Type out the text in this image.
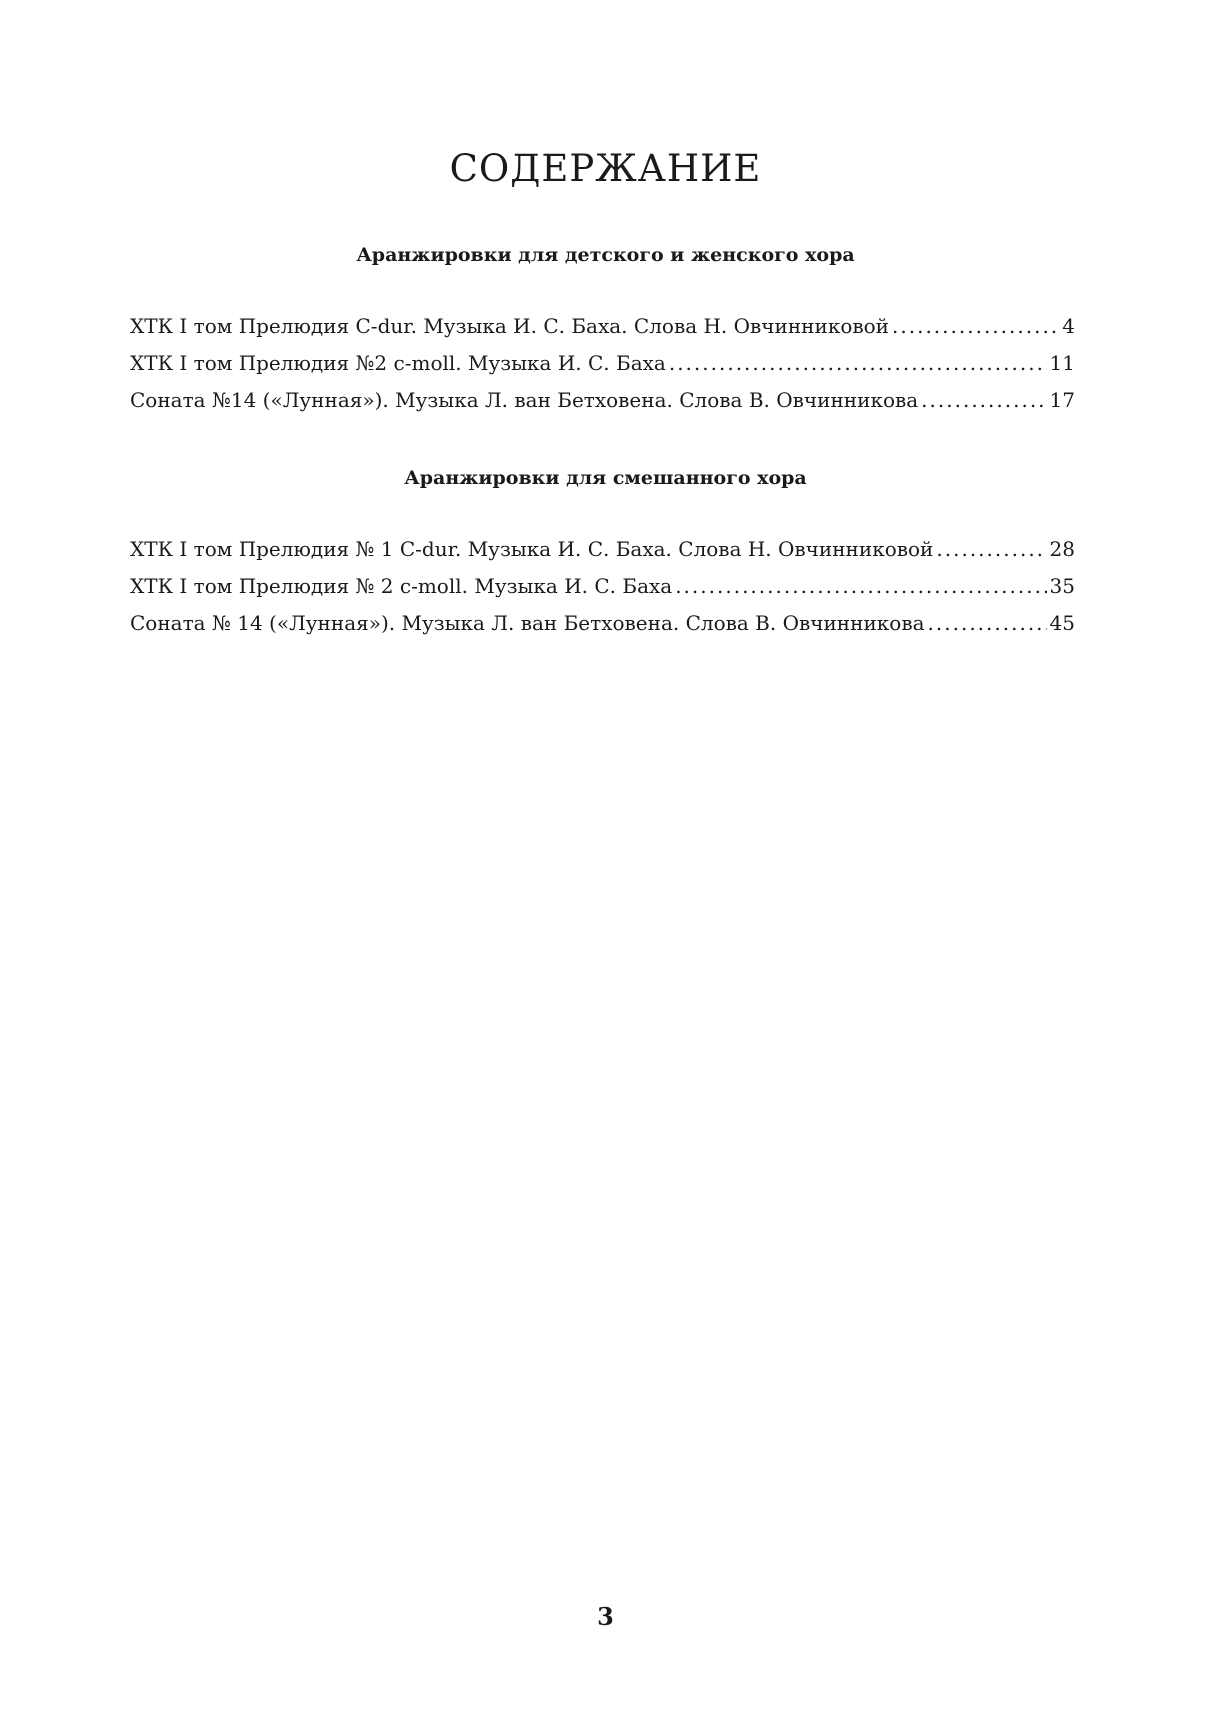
СОДЕРЖАНИЕ
Аранжировки для детского и женского хора
ХТК I том Прелюдия C-dur. Музыка И. С. Баха. Слова Н. Овчинниковой .....	4
ХТК I том Прелюдия №2 c-moll. Музыка И. С. Баха .....	11
Соната №14 («Лунная»). Музыка Л. ван Бетховена. Слова В. Овчинникова .....	17
Аранжировки для смешанного хора
ХТК I том Прелюдия № 1 C-dur. Музыка И. С. Баха. Слова Н. Овчинниковой .....	28
ХТК I том Прелюдия № 2 c-moll. Музыка И. С. Баха .....	35
Соната № 14 («Лунная»). Музыка Л. ван Бетховена. Слова В. Овчинникова .....	45
3
